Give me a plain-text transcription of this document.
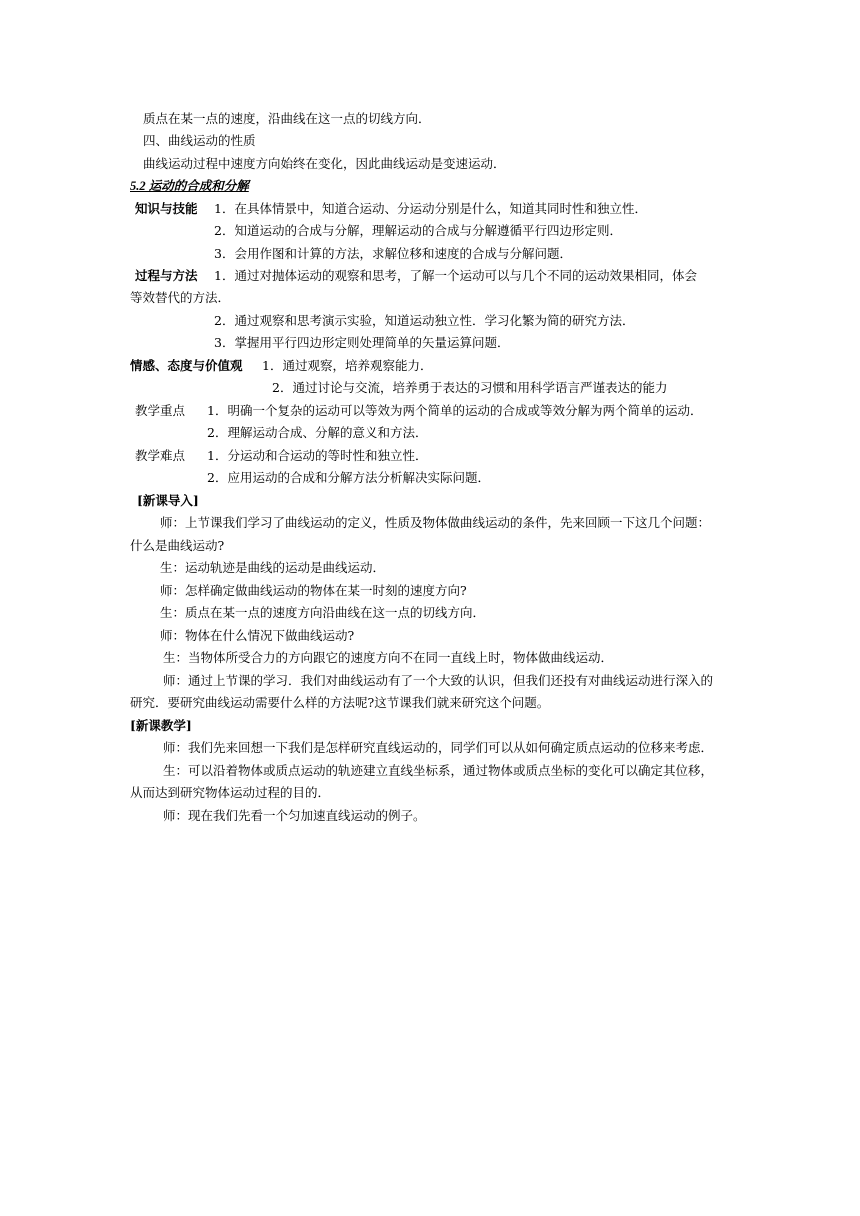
质点在某一点的速度，沿曲线在这一点的切线方向．

四、曲线运动的性质

曲线运动过程中速度方向始终在变化，因此曲线运动是变速运动．

5.2 运动的合成和分解

知识与技能 1．在具体情景中，知道合运动、分运动分别是什么，知道其同时性和独立性．

2．知道运动的合成与分解，理解运动的合成与分解遵循平行四边形定则．

3．会用作图和计算的方法，求解位移和速度的合成与分解问题．

过程与方法 1．通过对抛体运动的观察和思考，了解一个运动可以与几个不同的运动效果相同，体会

等效替代的方法．

2．通过观察和思考演示实验，知道运动独立性．学习化繁为简的研究方法．

3．掌握用平行四边形定则处理简单的矢量运算问题．

情感、态度与价值观 1．通过观察，培养观察能力．

2．通过讨论与交流，培养勇于表达的习惯和用科学语言严谨表达的能力

教学重点 1．明确一个复杂的运动可以等效为两个简单的运动的合成或等效分解为两个简单的运动．

2．理解运动合成、分解的意义和方法．

教学难点 1．分运动和合运动的等时性和独立性．

2．应用运动的合成和分解方法分析解决实际问题．

[新课导入]

师：上节课我们学习了曲线运动的定义，性质及物体做曲线运动的条件，先来回顾一下这几个问题：

什么是曲线运动?

生：运动轨迹是曲线的运动是曲线运动．

师：怎样确定做曲线运动的物体在某一时刻的速度方向?

生：质点在某一点的速度方向沿曲线在这一点的切线方向．

师：物体在什么情况下做曲线运动?

生：当物体所受合力的方向跟它的速度方向不在同一直线上时，物体做曲线运动．

师：通过上节课的学习．我们对曲线运动有了一个大致的认识，但我们还投有对曲线运动进行深入的

研究．要研究曲线运动需要什么样的方法呢?这节课我们就来研究这个问题。

[新课教学]

师：我们先来回想一下我们是怎样研究直线运动的，同学们可以从如何确定质点运动的位移来考虑．

生：可以沿着物体或质点运动的轨迹建立直线坐标系，通过物体或质点坐标的变化可以确定其位移，

从而达到研究物体运动过程的目的．

师：现在我们先看一个匀加速直线运动的例子。
